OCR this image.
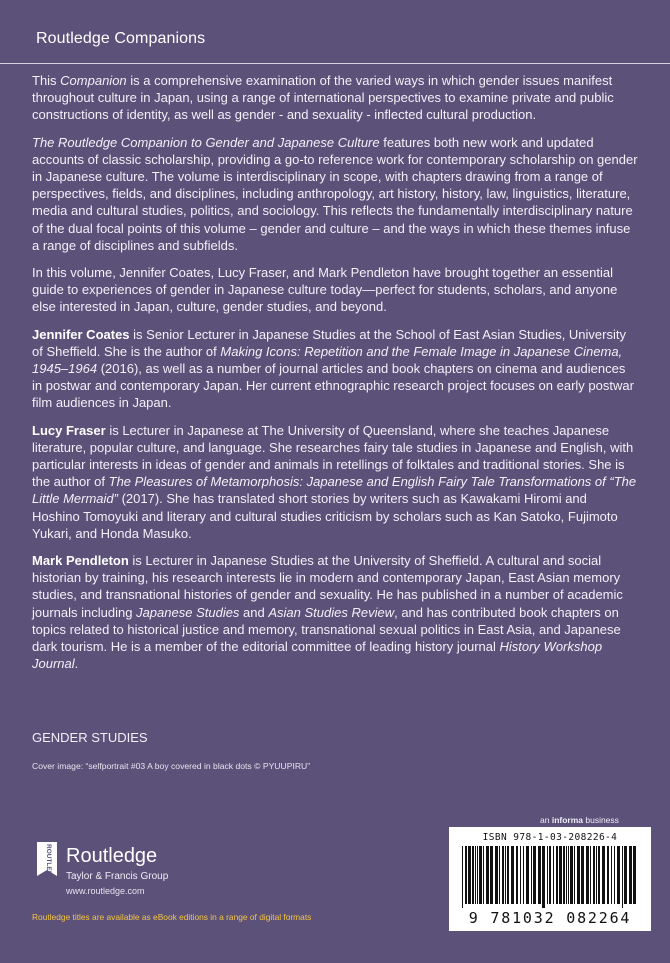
Routledge Companions

This Companion is a comprehensive examination of the varied ways in which gender issues manifest throughout culture in Japan, using a range of international perspectives to examine private and public constructions of identity, as well as gender - and sexuality - inflected cultural production.

The Routledge Companion to Gender and Japanese Culture features both new work and updated accounts of classic scholarship, providing a go-to reference work for contemporary scholarship on gender in Japanese culture. The volume is interdisciplinary in scope, with chapters drawing from a range of perspectives, fields, and disciplines, including anthropology, art history, history, law, linguistics, literature, media and cultural studies, politics, and sociology. This reflects the fundamentally interdisciplinary nature of the dual focal points of this volume – gender and culture – and the ways in which these themes infuse a range of disciplines and subfields.

In this volume, Jennifer Coates, Lucy Fraser, and Mark Pendleton have brought together an essential guide to experiences of gender in Japanese culture today—perfect for students, scholars, and anyone else interested in Japan, culture, gender studies, and beyond.

Jennifer Coates is Senior Lecturer in Japanese Studies at the School of East Asian Studies, University of Sheffield. She is the author of Making Icons: Repetition and the Female Image in Japanese Cinema, 1945–1964 (2016), as well as a number of journal articles and book chapters on cinema and audiences in postwar and contemporary Japan. Her current ethnographic research project focuses on early postwar film audiences in Japan.

Lucy Fraser is Lecturer in Japanese at The University of Queensland, where she teaches Japanese literature, popular culture, and language. She researches fairy tale studies in Japanese and English, with particular interests in ideas of gender and animals in retellings of folktales and traditional stories. She is the author of The Pleasures of Metamorphosis: Japanese and English Fairy Tale Transformations of “The Little Mermaid” (2017). She has translated short stories by writers such as Kawakami Hiromi and Hoshino Tomoyuki and literary and cultural studies criticism by scholars such as Kan Satoko, Fujimoto Yukari, and Honda Masuko.

Mark Pendleton is Lecturer in Japanese Studies at the University of Sheffield. A cultural and social historian by training, his research interests lie in modern and contemporary Japan, East Asian memory studies, and transnational histories of gender and sexuality. He has published in a number of academic journals including Japanese Studies and Asian Studies Review, and has contributed book chapters on topics related to historical justice and memory, transnational sexual politics in East Asia, and Japanese dark tourism. He is a member of the editorial committee of leading history journal History Workshop Journal.

GENDER STUDIES
Cover image: “selfportrait #03 A boy covered in black dots © PYUUPIRU”
an informa business
ISBN 978-1-03-208226-4
9 781032 082264
ROUTLEDGE Routledge
Taylor & Francis Group
www.routledge.com
Routledge titles are available as eBook editions in a range of digital formats
